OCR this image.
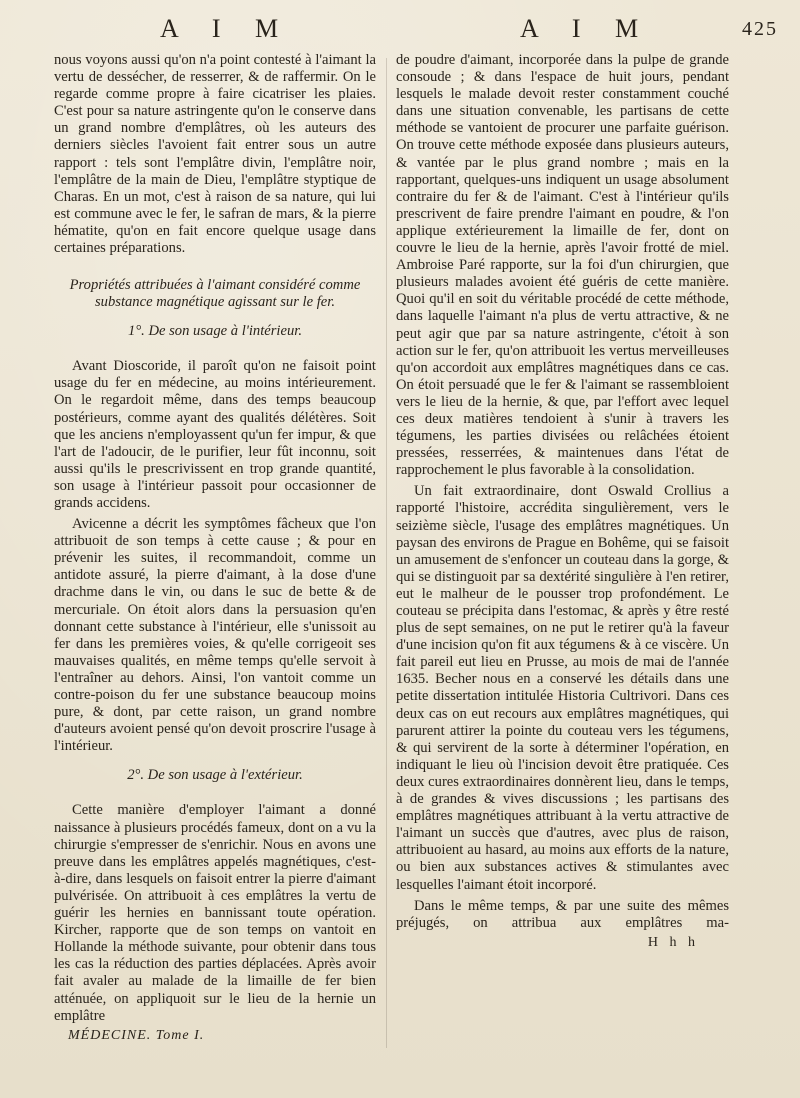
A I M	A I M	425

nous voyons aussi qu'on n'a point contesté à l'aimant la vertu de dessécher, de resserrer, & de raffermir. On le regarde comme propre à faire cicatriser les plaies. C'est pour sa nature astringente qu'on le conserve dans un grand nombre d'emplâtres, où les auteurs des derniers siècles l'avoient fait entrer sous un autre rapport : tels sont l'emplâtre divin, l'emplâtre noir, l'emplâtre de la main de Dieu, l'emplâtre styptique de Charas. En un mot, c'est à raison de sa nature, qui lui est commune avec le fer, le safran de mars, & la pierre hématite, qu'on en fait encore quelque usage dans certaines préparations.

Propriétés attribuées à l'aimant considéré comme substance magnétique agissant sur le fer.
1°. De son usage à l'intérieur.

Avant Dioscoride, il paroît qu'on ne faisoit point usage du fer en médecine, au moins intérieurement. On le regardoit même, dans des temps beaucoup postérieurs, comme ayant des qualités délétères. Soit que les anciens n'employassent qu'un fer impur, & que l'art de l'adoucir, de le purifier, leur fût inconnu, soit aussi qu'ils le prescrivissent en trop grande quantité, son usage à l'intérieur passoit pour occasionner de grands accidens.

Avicenne a décrit les symptômes fâcheux que l'on attribuoit de son temps à cette cause ; & pour en prévenir les suites, il recommandoit, comme un antidote assuré, la pierre d'aimant, à la dose d'une drachme dans le vin, ou dans le suc de bette & de mercuriale. On étoit alors dans la persuasion qu'en donnant cette substance à l'intérieur, elle s'unissoit au fer dans les premières voies, & qu'elle corrigeoit ses mauvaises qualités, en même temps qu'elle servoit à l'entraîner au dehors. Ainsi, l'on vantoit comme un contre-poison du fer une substance beaucoup moins pure, & dont, par cette raison, un grand nombre d'auteurs avoient pensé qu'on devoit proscrire l'usage à l'intérieur.

2°. De son usage à l'extérieur.

Cette manière d'employer l'aimant a donné naissance à plusieurs procédés fameux, dont on a vu la chirurgie s'empresser de s'enrichir. Nous en avons une preuve dans les emplâtres appelés magnétiques, c'est-à-dire, dans lesquels on faisoit entrer la pierre d'aimant pulvérisée. On attribuoit à ces emplâtres la vertu de guérir les hernies en bannissant toute opération. Kircher, rapporte que de son temps on vantoit en Hollande la méthode suivante, pour obtenir dans tous les cas la réduction des parties déplacées. Après avoir fait avaler au malade de la limaille de fer bien atténuée, on appliquoit sur le lieu de la hernie un emplâtre

MÉDECINE. Tome I.

de poudre d'aimant, incorporée dans la pulpe de grande consoude ; & dans l'espace de huit jours, pendant lesquels le malade devoit rester constamment couché dans une situation convenable, les partisans de cette méthode se vantoient de procurer une parfaite guérison. On trouve cette méthode exposée dans plusieurs auteurs, & vantée par le plus grand nombre ; mais en la rapportant, quelques-uns indiquent un usage absolument contraire du fer & de l'aimant. C'est à l'intérieur qu'ils prescrivent de faire prendre l'aimant en poudre, & l'on applique extérieurement la limaille de fer, dont on couvre le lieu de la hernie, après l'avoir frotté de miel. Ambroise Paré rapporte, sur la foi d'un chirurgien, que plusieurs malades avoient été guéris de cette manière. Quoi qu'il en soit du véritable procédé de cette méthode, dans laquelle l'aimant n'a plus de vertu attractive, & ne peut agir que par sa nature astringente, c'étoit à son action sur le fer, qu'on attribuoit les vertus merveilleuses qu'on accordoit aux emplâtres magnétiques dans ce cas. On étoit persuadé que le fer & l'aimant se rassembloient vers le lieu de la hernie, & que, par l'effort avec lequel ces deux matières tendoient à s'unir à travers les tégumens, les parties divisées ou relâchées étoient pressées, resserrées, & maintenues dans l'état de rapprochement le plus favorable à la consolidation.

Un fait extraordinaire, dont Oswald Crollius a rapporté l'histoire, accrédita singulièrement, vers le seizième siècle, l'usage des emplâtres magnétiques. Un paysan des environs de Prague en Bohême, qui se faisoit un amusement de s'enfoncer un couteau dans la gorge, & qui se distinguoit par sa dextérité singulière à l'en retirer, eut le malheur de le pousser trop profondément. Le couteau se précipita dans l'estomac, & après y être resté plus de sept semaines, on ne put le retirer qu'à la faveur d'une incision qu'on fit aux tégumens & à ce viscère. Un fait pareil eut lieu en Prusse, au mois de mai de l'année 1635. Becher nous en a conservé les détails dans une petite dissertation intitulée Historia Cultrivori. Dans ces deux cas on eut recours aux emplâtres magnétiques, qui parurent attirer la pointe du couteau vers les tégumens, & qui servirent de la sorte à déterminer l'opération, en indiquant le lieu où l'incision devoit être pratiquée. Ces deux cures extraordinaires donnèrent lieu, dans le temps, à de grandes & vives discussions ; les partisans des emplâtres magnétiques attribuant à la vertu attractive de l'aimant un succès que d'autres, avec plus de raison, attribuoient au hasard, au moins aux efforts de la nature, ou bien aux substances actives & stimulantes avec lesquelles l'aimant étoit incorporé.

Dans le même temps, & par une suite des mêmes préjugés, on attribua aux emplâtres ma-

H h h
